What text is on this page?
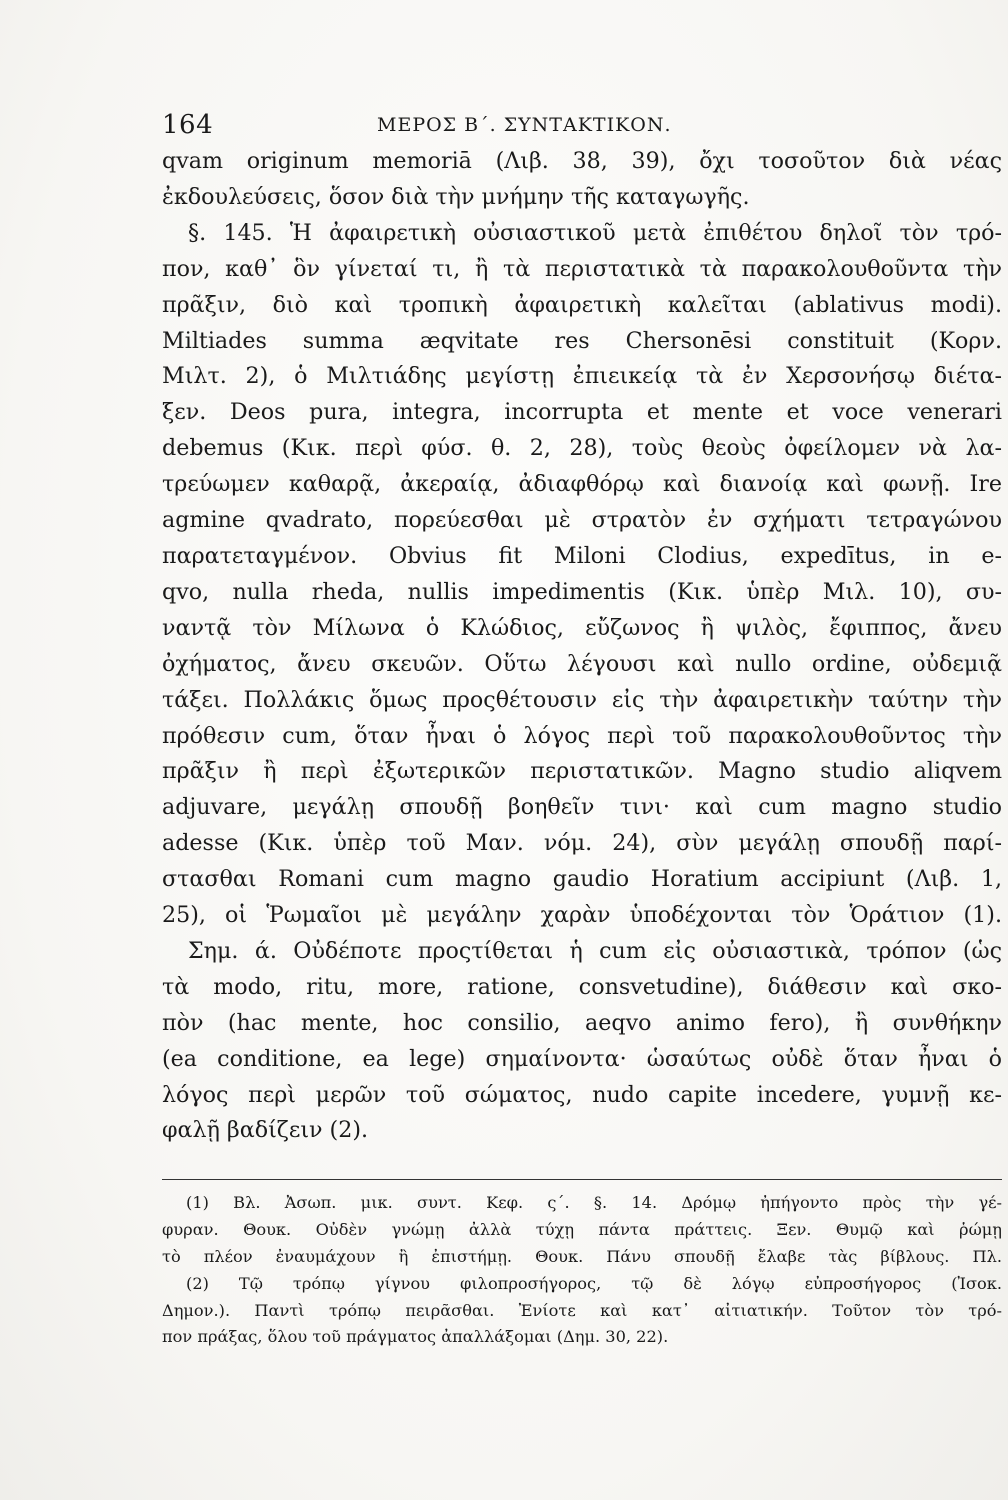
164	ΜΕΡΟΣ Β΄. ΣΥΝΤΑΚΤΙΚΟΝ.
qvam originum memoriā (Λιβ. 38, 39), ὄχι τοσοῦτον διὰ νέας
ἐκδουλεύσεις, ὅσον διὰ τὴν μνήμην τῆς καταγωγῆς.
§. 145. Ἡ ἀφαιρετικὴ οὐσιαστικοῦ μετὰ ἐπιθέτου δηλοῖ τὸν τρό-
πον, καθ᾽ ὃν γίνεταί τι, ἢ τὰ περιστατικὰ τὰ παρακολουθοῦντα τὴν
πρᾶξιν, διὸ καὶ τροπικὴ ἀφαιρετικὴ καλεῖται (ablativus modi).
Miltiades summa æqvitate res Chersonēsi constituit (Κορν.
Μιλτ. 2), ὁ Μιλτιάδης μεγίστῃ ἐπιεικείᾳ τὰ ἐν Χερσονήσῳ διέτα-
ξεν. Deos pura, integra, incorrupta et mente et voce venerari
debemus (Κικ. περὶ φύσ. θ. 2, 28), τοὺς θεοὺς ὀφείλομεν νὰ λα-
τρεύωμεν καθαρᾷ, ἀκεραίᾳ, ἀδιαφθόρῳ καὶ διανοίᾳ καὶ φωνῇ. Ire
agmine qvadrato, πορεύεσθαι μὲ στρατὸν ἐν σχήματι τετραγώνου
παρατεταγμένον. Obvius fit Miloni Clodius, expedītus, in e-
qvo, nulla rheda, nullis impedimentis (Κικ. ὑπὲρ Μιλ. 10), συ-
ναντᾷ τὸν Μίλωνα ὁ Κλώδιος, εὔζωνος ἢ ψιλὸς, ἔφιππος, ἄνευ
ὀχήματος, ἄνευ σκευῶν. Οὕτω λέγουσι καὶ nullo ordine, οὐδεμιᾷ
τάξει. Πολλάκις ὅμως προςθέτουσιν εἰς τὴν ἀφαιρετικὴν ταύτην τὴν
πρόθεσιν cum, ὅταν ἦναι ὁ λόγος περὶ τοῦ παρακολουθοῦντος τὴν
πρᾶξιν ἢ περὶ ἐξωτερικῶν περιστατικῶν. Magno studio aliqvem
adjuvare, μεγάλῃ σπουδῇ βοηθεῖν τινι· καὶ cum magno studio
adesse (Κικ. ὑπὲρ τοῦ Μαν. νόμ. 24), σὺν μεγάλῃ σπουδῇ παρί-
στασθαι Romani cum magno gaudio Horatium accipiunt (Λιβ. 1,
25), οἱ Ῥωμαῖοι μὲ μεγάλην χαρὰν ὑποδέχονται τὸν Ὁράτιον (1).
Σημ. ά. Οὐδέποτε προςτίθεται ἡ cum εἰς οὐσιαστικὰ, τρόπον (ὡς
τὰ modo, ritu, more, ratione, consvetudine), διάθεσιν καὶ σκο-
πὸν (hac mente, hoc consilio, aeqvo animo fero), ἢ συνθήκην
(ea conditione, ea lege) σημαίνοντα· ὡσαύτως οὐδὲ ὅταν ἦναι ὁ
λόγος περὶ μερῶν τοῦ σώματος, nudo capite incedere, γυμνῇ κε-
φαλῇ βαδίζειν (2).
(1) Βλ. Ἀσωπ. μικ. συντ. Κεφ. ς΄. §. 14. Δρόμῳ ἠπήγοντο πρὸς τὴν γέ-
φυραν. Θουκ. Οὐδὲν γνώμῃ ἀλλὰ τύχῃ πάντα πράττεις. Ξεν. Θυμῷ καὶ ῥώμῃ
τὸ πλέον ἐναυμάχουν ἢ ἐπιστήμῃ. Θουκ. Πάνυ σπουδῇ ἔλαβε τὰς βίβλους. Πλ.
(2) Τῷ τρόπῳ γίγνου φιλοπροσήγορος, τῷ δὲ λόγῳ εὐπροσήγορος (Ἰσοκ.
Δημον.). Παντὶ τρόπῳ πειρᾶσθαι. Ἐνίοτε καὶ κατ᾽ αἰτιατικήν. Τοῦτον τὸν τρό-
πον πράξας, ὅλου τοῦ πράγματος ἀπαλλάξομαι (Δημ. 30, 22).
